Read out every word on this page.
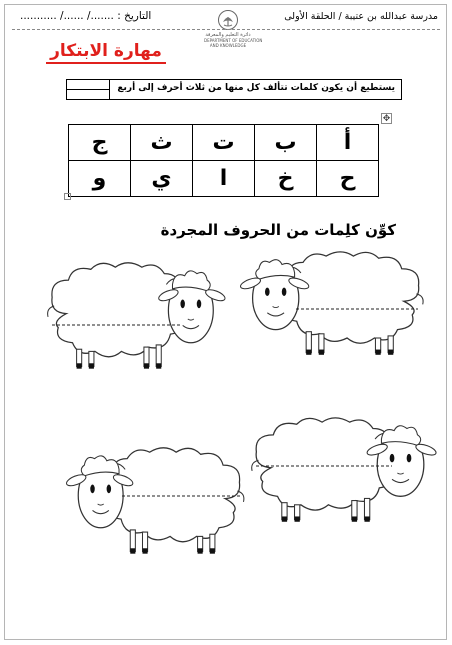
التاريخ : ......./ ....../ ...........
دائرة التعليم والمعرفة
DEPARTMENT OF EDUCATION
AND KNOWLEDGE
مدرسة عبدالله بن عتيبة / الحلقة الأولى
مهارة الابتكار
يستطيع أن يكون كلمات تتألف كل منها من ثلاث أحرف إلى أربع
✥
أ	ب	ت	ث	ج
ح	خ	ا	ي	و
كوِّن كلِمات من الحروف المجردة
